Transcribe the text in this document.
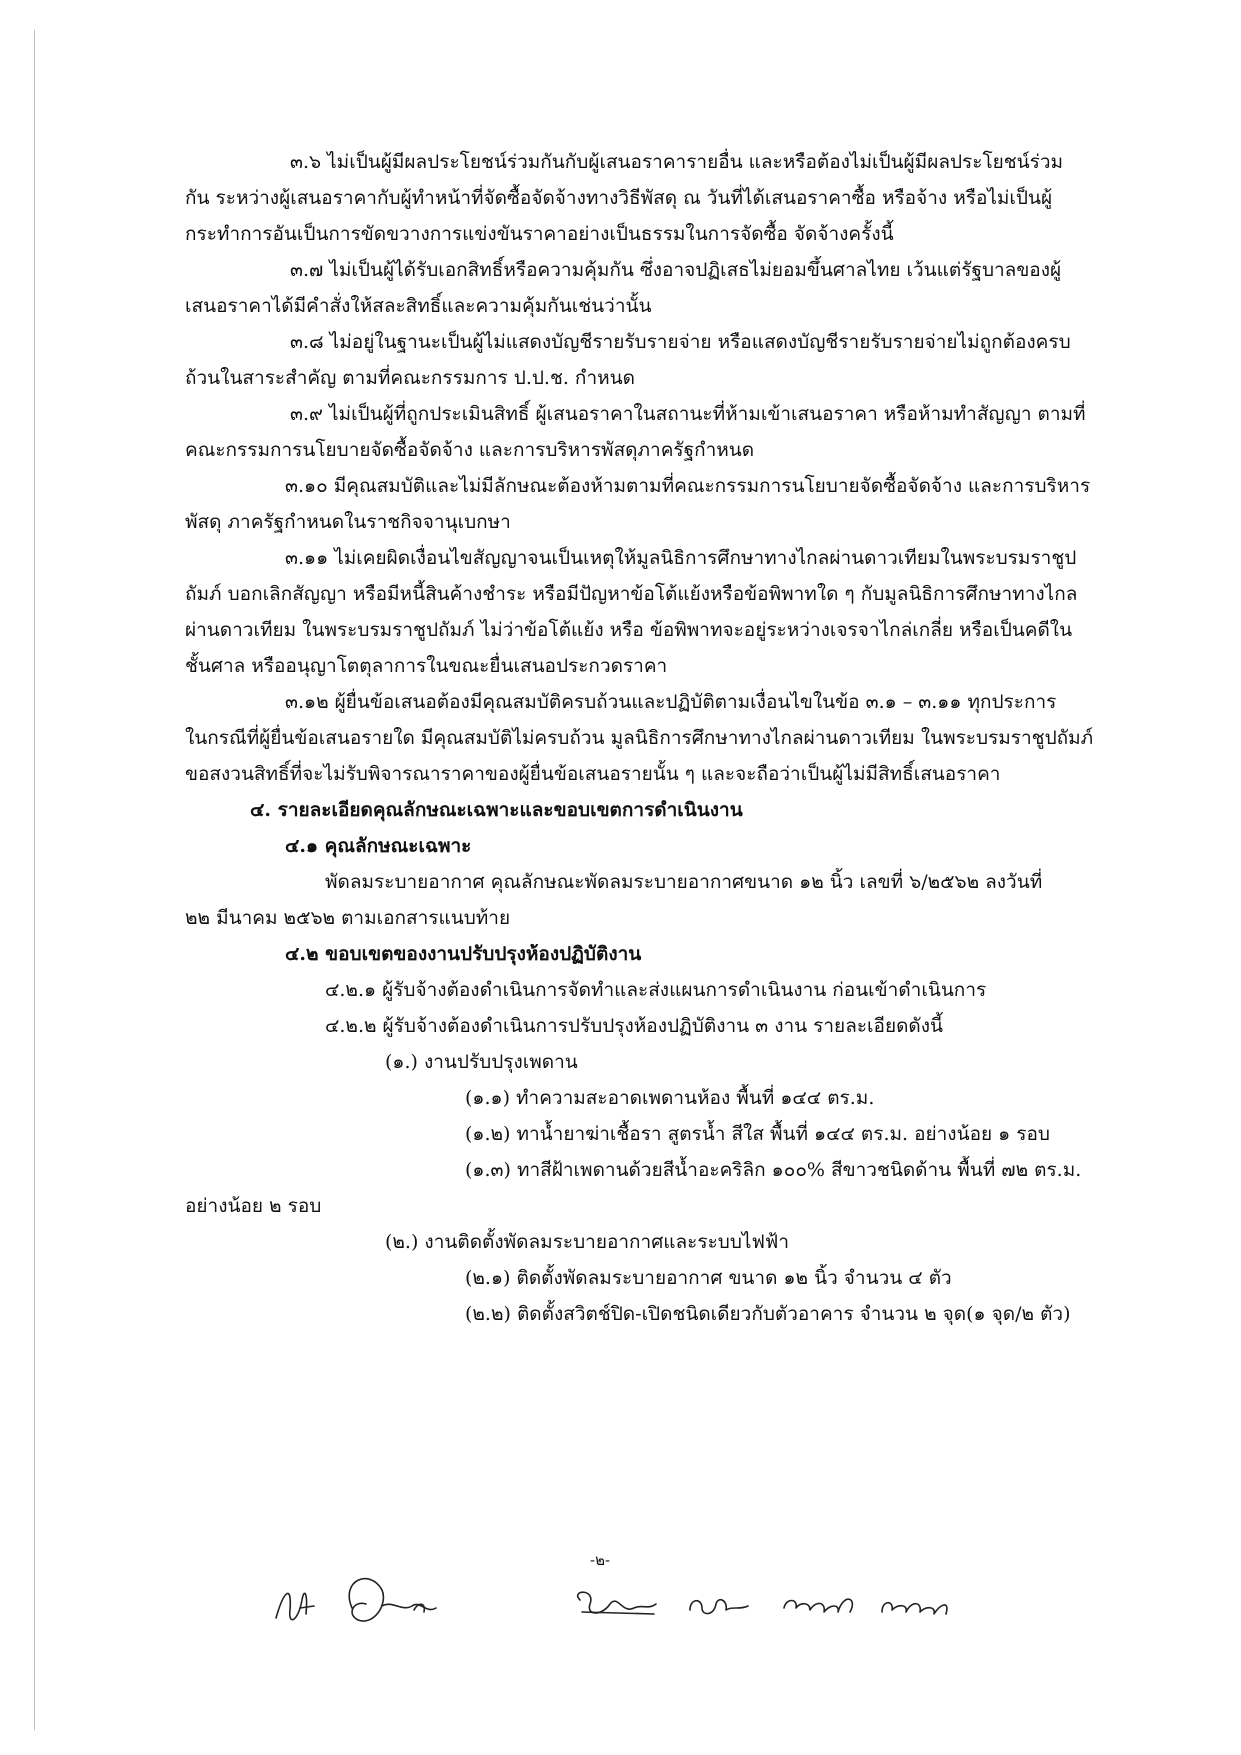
๓.๖ ไม่เป็นผู้มีผลประโยชน์ร่วมกันกับผู้เสนอราคารายอื่น และหรือต้องไม่เป็นผู้มีผลประโยชน์ร่วม
กัน ระหว่างผู้เสนอราคากับผู้ทำหน้าที่จัดซื้อจัดจ้างทางวิธีพัสดุ ณ วันที่ได้เสนอราคาซื้อ หรือจ้าง หรือไม่เป็นผู้
กระทำการอันเป็นการขัดขวางการแข่งขันราคาอย่างเป็นธรรมในการจัดซื้อ จัดจ้างครั้งนี้
๓.๗ ไม่เป็นผู้ได้รับเอกสิทธิ์หรือความคุ้มกัน ซึ่งอาจปฏิเสธไม่ยอมขึ้นศาลไทย เว้นแต่รัฐบาลของผู้
เสนอราคาได้มีคำสั่งให้สละสิทธิ์และความคุ้มกันเช่นว่านั้น
๓.๘ ไม่อยู่ในฐานะเป็นผู้ไม่แสดงบัญชีรายรับรายจ่าย หรือแสดงบัญชีรายรับรายจ่ายไม่ถูกต้องครบ
ถ้วนในสาระสำคัญ ตามที่คณะกรรมการ ป.ป.ช. กำหนด
๓.๙ ไม่เป็นผู้ที่ถูกประเมินสิทธิ์ ผู้เสนอราคาในสถานะที่ห้ามเข้าเสนอราคา หรือห้ามทำสัญญา ตามที่
คณะกรรมการนโยบายจัดซื้อจัดจ้าง และการบริหารพัสดุภาครัฐกำหนด
๓.๑๐ มีคุณสมบัติและไม่มีลักษณะต้องห้ามตามที่คณะกรรมการนโยบายจัดซื้อจัดจ้าง และการบริหาร
พัสดุ ภาครัฐกำหนดในราชกิจจานุเบกษา
๓.๑๑ ไม่เคยผิดเงื่อนไขสัญญาจนเป็นเหตุให้มูลนิธิการศึกษาทางไกลผ่านดาวเทียมในพระบรมราชูป
ถัมภ์ บอกเลิกสัญญา หรือมีหนี้สินค้างชำระ หรือมีปัญหาข้อโต้แย้งหรือข้อพิพาทใด ๆ กับมูลนิธิการศึกษาทางไกล
ผ่านดาวเทียม ในพระบรมราชูปถัมภ์ ไม่ว่าข้อโต้แย้ง หรือ ข้อพิพาทจะอยู่ระหว่างเจรจาไกล่เกลี่ย หรือเป็นคดีใน
ชั้นศาล หรืออนุญาโตตุลาการในขณะยื่นเสนอประกวดราคา
๓.๑๒ ผู้ยื่นข้อเสนอต้องมีคุณสมบัติครบถ้วนและปฏิบัติตามเงื่อนไขในข้อ ๓.๑ – ๓.๑๑ ทุกประการ
ในกรณีที่ผู้ยื่นข้อเสนอรายใด มีคุณสมบัติไม่ครบถ้วน มูลนิธิการศึกษาทางไกลผ่านดาวเทียม ในพระบรมราชูปถัมภ์
ขอสงวนสิทธิ์ที่จะไม่รับพิจารณาราคาของผู้ยื่นข้อเสนอรายนั้น ๆ และจะถือว่าเป็นผู้ไม่มีสิทธิ์เสนอราคา
๔. รายละเอียดคุณลักษณะเฉพาะและขอบเขตการดำเนินงาน
๔.๑ คุณลักษณะเฉพาะ
พัดลมระบายอากาศ คุณลักษณะพัดลมระบายอากาศขนาด ๑๒ นิ้ว เลขที่ ๖/๒๕๖๒ ลงวันที่
๒๒ มีนาคม ๒๕๖๒ ตามเอกสารแนบท้าย
๔.๒ ขอบเขตของงานปรับปรุงห้องปฏิบัติงาน
๔.๒.๑ ผู้รับจ้างต้องดำเนินการจัดทำและส่งแผนการดำเนินงาน ก่อนเข้าดำเนินการ
๔.๒.๒ ผู้รับจ้างต้องดำเนินการปรับปรุงห้องปฏิบัติงาน ๓ งาน รายละเอียดดังนี้
(๑.) งานปรับปรุงเพดาน
(๑.๑) ทำความสะอาดเพดานห้อง พื้นที่ ๑๔๔ ตร.ม.
(๑.๒) ทาน้ำยาฆ่าเชื้อรา สูตรน้ำ สีใส พื้นที่ ๑๔๔ ตร.ม. อย่างน้อย ๑ รอบ
(๑.๓) ทาสีฝ้าเพดานด้วยสีน้ำอะคริลิก ๑๐๐% สีขาวชนิดด้าน พื้นที่ ๗๒ ตร.ม.
อย่างน้อย ๒ รอบ
(๒.) งานติดตั้งพัดลมระบายอากาศและระบบไฟฟ้า
(๒.๑) ติดตั้งพัดลมระบายอากาศ ขนาด ๑๒ นิ้ว จำนวน ๔ ตัว
(๒.๒) ติดตั้งสวิตช์ปิด-เปิดชนิดเดียวกับตัวอาคาร จำนวน ๒ จุด(๑ จุด/๒ ตัว)
-๒-
